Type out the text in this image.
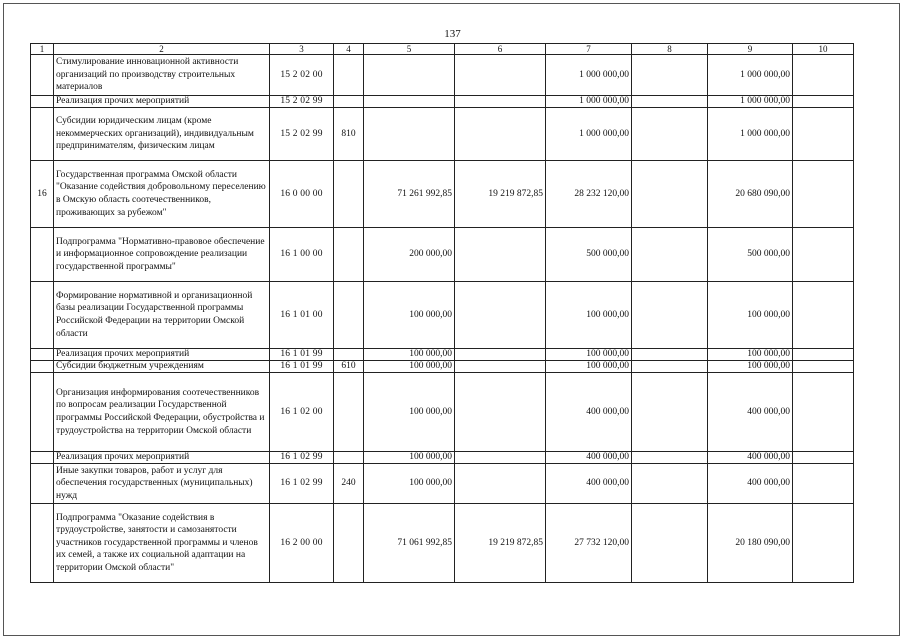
137
1	2	3	4	5	6	7	8	9	10
	Стимулирование инновационной активности организаций по производству строительных материалов	15 2 02 00				1 000 000,00		1 000 000,00	
	Реализация прочих мероприятий	15 2 02 99				1 000 000,00		1 000 000,00	
	Субсидии юридическим лицам (кроме некоммерческих организаций), индивидуальным предпринимателям, физическим лицам	15 2 02 99	810			1 000 000,00		1 000 000,00	
16	Государственная программа Омской области "Оказание содействия добровольному переселению в Омскую область соотечественников, проживающих за рубежом"	16 0 00 00		71 261 992,85	19 219 872,85	28 232 120,00		20 680 090,00	
	Подпрограмма "Нормативно-правовое обеспечение и информационное сопровождение реализации государственной программы"	16 1 00 00		200 000,00		500 000,00		500 000,00	
	Формирование нормативной и организационной базы реализации Государственной программы Российской Федерации на территории Омской области	16 1 01 00		100 000,00		100 000,00		100 000,00	
	Реализация прочих мероприятий	16 1 01 99		100 000,00		100 000,00		100 000,00	
	Субсидии бюджетным учреждениям	16 1 01 99	610	100 000,00		100 000,00		100 000,00	
	Организация информирования соотечественников по вопросам реализации Государственной программы Российской Федерации, обустройства и трудоустройства на территории Омской области	16 1 02 00		100 000,00		400 000,00		400 000,00	
	Реализация прочих мероприятий	16 1 02 99		100 000,00		400 000,00		400 000,00	
	Иные закупки товаров, работ и услуг для обеспечения государственных (муниципальных) нужд	16 1 02 99	240	100 000,00		400 000,00		400 000,00	
	Подпрограмма "Оказание содействия в трудоустройстве, занятости и самозанятости участников государственной программы и членов их семей, а также их социальной адаптации на территории Омской области"	16 2 00 00		71 061 992,85	19 219 872,85	27 732 120,00		20 180 090,00	
